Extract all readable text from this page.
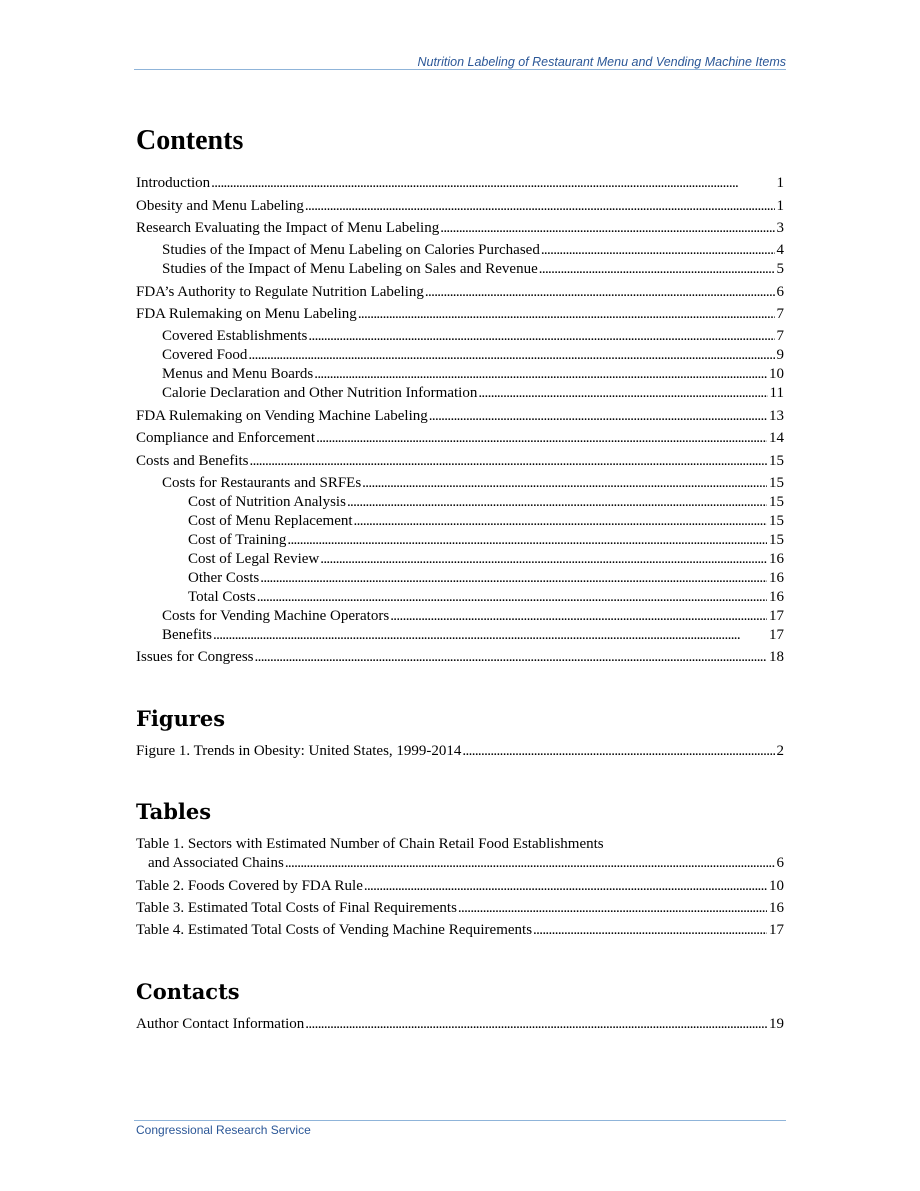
Nutrition Labeling of Restaurant Menu and Vending Machine Items
Contents
Introduction . . .	1
Obesity and Menu Labeling . . .	1
Research Evaluating the Impact of Menu Labeling . . .	3
Studies of the Impact of Menu Labeling on Calories Purchased . . .	4
Studies of the Impact of Menu Labeling on Sales and Revenue . . .	5
FDA’s Authority to Regulate Nutrition Labeling . . .	6
FDA Rulemaking on Menu Labeling . . .	7
Covered Establishments . . .	7
Covered Food . . .	9
Menus and Menu Boards . . .	10
Calorie Declaration and Other Nutrition Information . . .	11
FDA Rulemaking on Vending Machine Labeling . . .	13
Compliance and Enforcement . . .	14
Costs and Benefits . . .	15
Costs for Restaurants and SRFEs . . .	15
Cost of Nutrition Analysis . . .	15
Cost of Menu Replacement . . .	15
Cost of Training . . .	15
Cost of Legal Review . . .	16
Other Costs . . .	16
Total Costs . . .	16
Costs for Vending Machine Operators . . .	17
Benefits . . .	17
Issues for Congress . . .	18
Figures
Figure 1. Trends in Obesity: United States, 1999-2014 . . .	2
Tables
Table 1. Sectors with Estimated Number of Chain Retail Food Establishments
and Associated Chains . . .	6
Table 2. Foods Covered by FDA Rule . . .	10
Table 3. Estimated Total Costs of Final Requirements . . .	16
Table 4. Estimated Total Costs of Vending Machine Requirements . . .	17
Contacts
Author Contact Information . . .	19
Congressional Research Service
